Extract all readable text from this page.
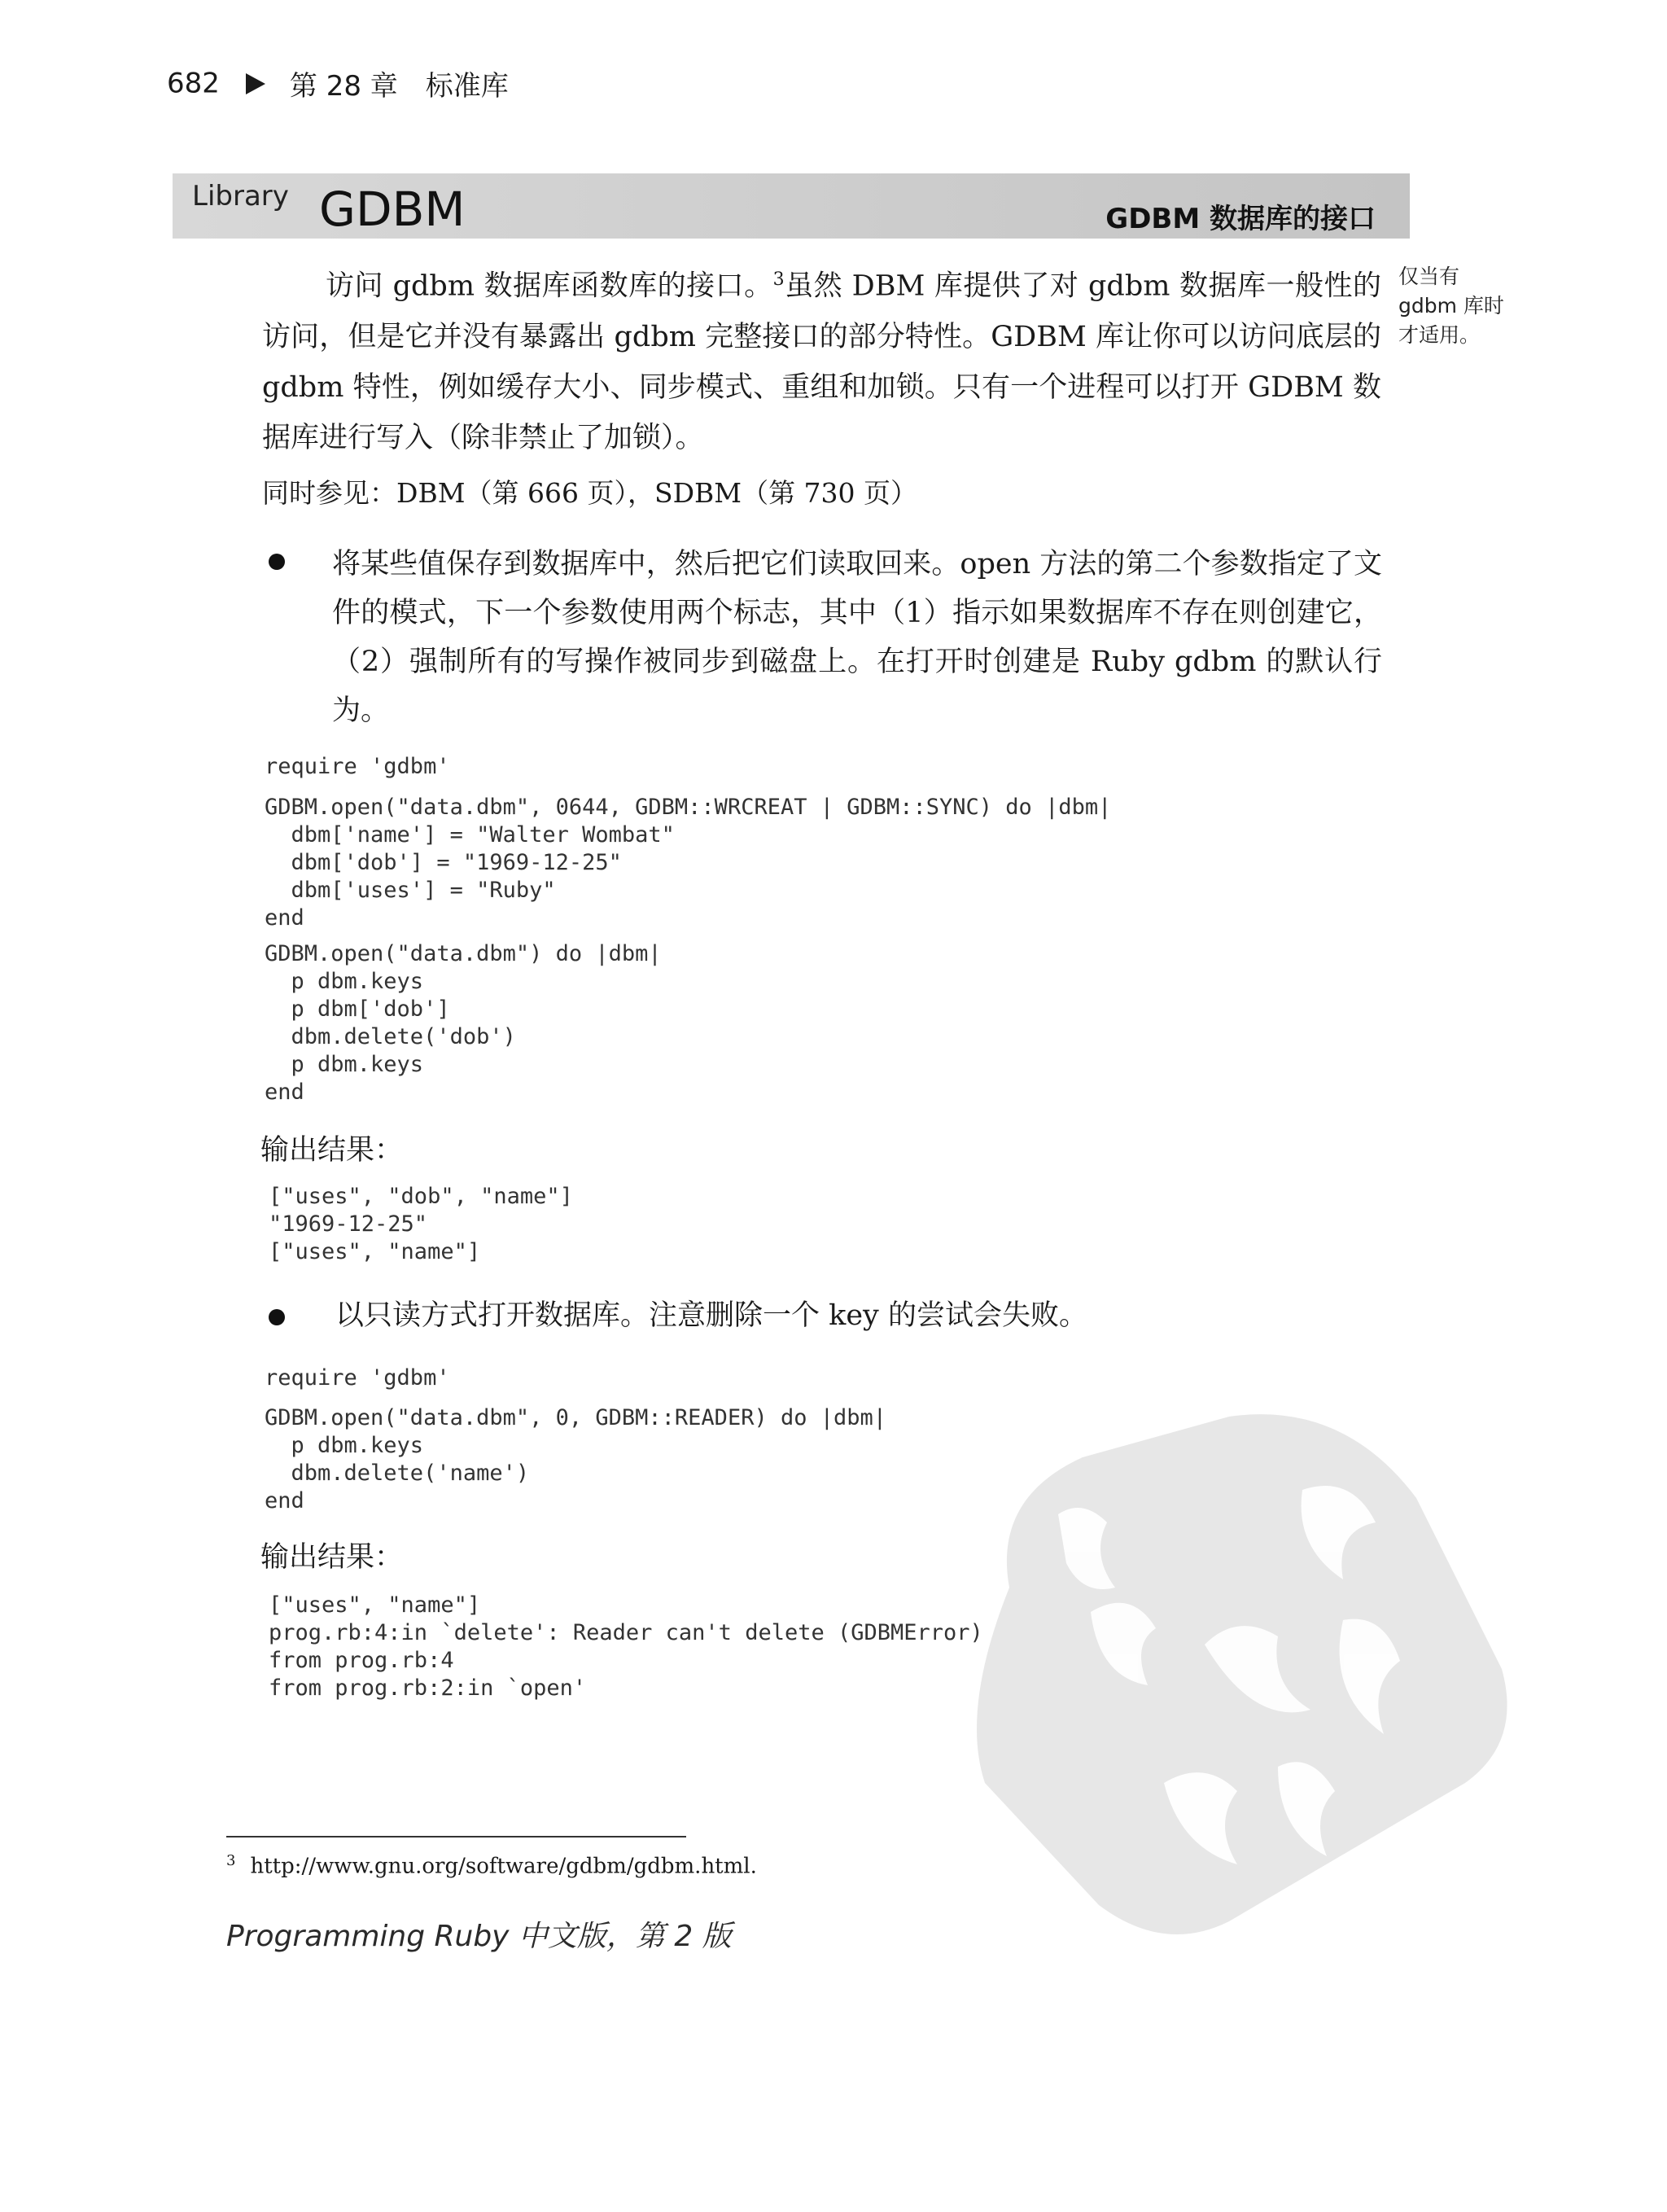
682	第 28 章 标准库
Library GDBM	GDBM 数据库的接口
访问 gdbm 数据库函数库的接口。$^3$虽然 DBM 库提供了对 gdbm 数据库一般性的访问，但是它并没有暴露出 gdbm 完整接口的部分特性。GDBM 库让你可以访问底层的 gdbm 特性，例如缓存大小、同步模式、重组和加锁。只有一个进程可以打开 GDBM 数据库进行写入（除非禁止了加锁）。
仅当有 gdbm 库时才适用。
同时参见：DBM（第 666 页），SDBM（第 730 页）
将某些值保存到数据库中，然后把它们读取回来。open 方法的第二个参数指定了文件的模式，下一个参数使用两个标志，其中（1）指示如果数据库不存在则创建它，（2）强制所有的写操作被同步到磁盘上。在打开时创建是 Ruby gdbm 的默认行为。
require 'gdbm'
GDBM.open("data.dbm", 0644, GDBM::WRCREAT | GDBM::SYNC) do |dbm|
dbm['name'] = "Walter Wombat"
dbm['dob'] = "1969-12-25"
dbm['uses'] = "Ruby"
end
GDBM.open("data.dbm") do |dbm|
p dbm.keys
p dbm['dob']
dbm.delete('dob')
p dbm.keys
end
输出结果：
["uses", "dob", "name"]
"1969-12-25"
["uses", "name"]
以只读方式打开数据库。注意删除一个 key 的尝试会失败。
require 'gdbm'
GDBM.open("data.dbm", 0, GDBM::READER) do |dbm|
p dbm.keys
dbm.delete('name')
end
输出结果：
["uses", "name"]
prog.rb:4:in `delete': Reader can't delete (GDBMError)
from prog.rb:4
from prog.rb:2:in `open'
$^3$ http://www.gnu.org/software/gdbm/gdbm.html.
Programming Ruby 中文版，第 2 版
